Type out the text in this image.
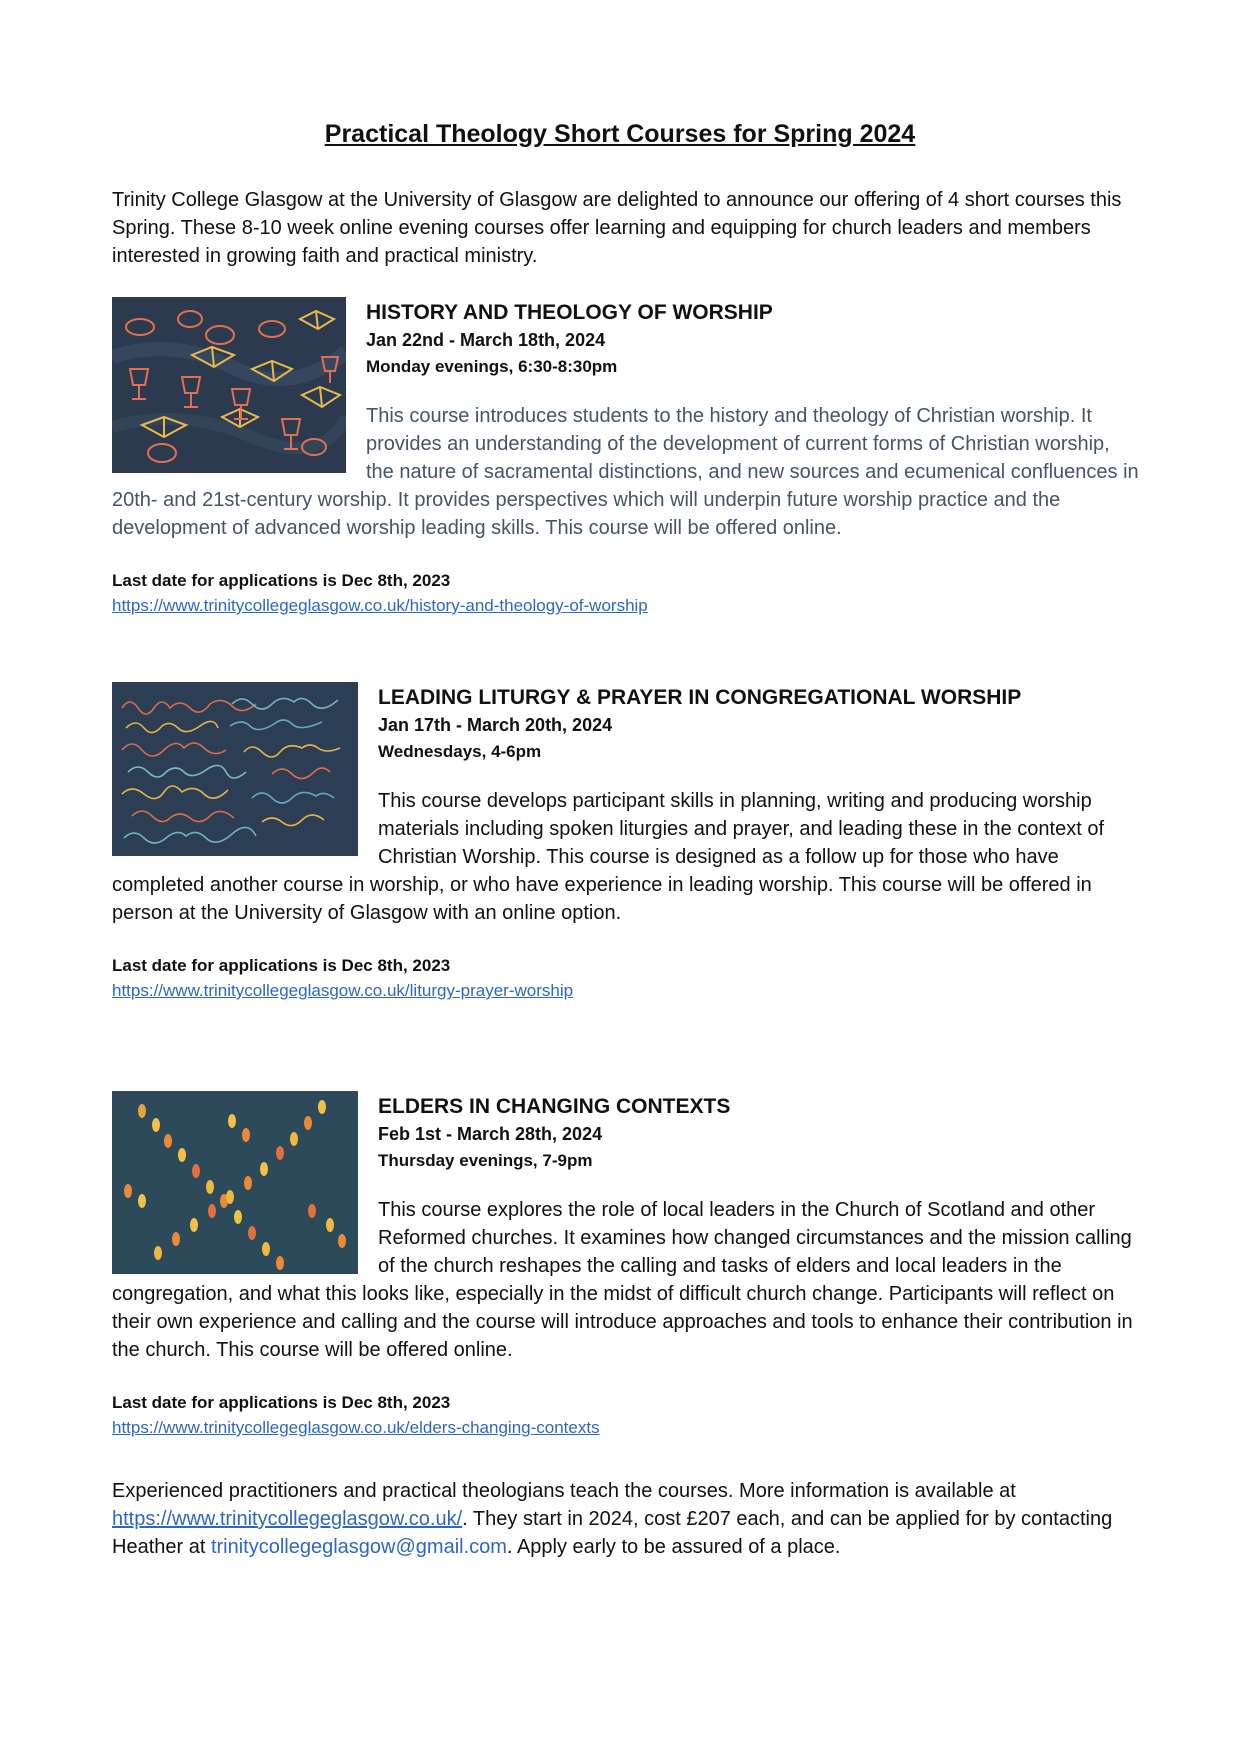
Practical Theology Short Courses for Spring 2024

Trinity College Glasgow at the University of Glasgow are delighted to announce our offering of 4 short courses this Spring. These 8-10 week online evening courses offer learning and equipping for church leaders and members interested in growing faith and practical ministry.

HISTORY AND THEOLOGY OF WORSHIP
Jan 22nd - March 18th, 2024
Monday evenings, 6:30-8:30pm

This course introduces students to the history and theology of Christian worship. It provides an understanding of the development of current forms of Christian worship, the nature of sacramental distinctions, and new sources and ecumenical confluences in 20th- and 21st-century worship. It provides perspectives which will underpin future worship practice and the development of advanced worship leading skills. This course will be offered online.

Last date for applications is Dec 8th, 2023

https://www.trinitycollegeglasgow.co.uk/history-and-theology-of-worship
LEADING LITURGY & PRAYER IN CONGREGATIONAL WORSHIP
Jan 17th - March 20th, 2024
Wednesdays, 4-6pm

This course develops participant skills in planning, writing and producing worship materials including spoken liturgies and prayer, and leading these in the context of Christian Worship. This course is designed as a follow up for those who have completed another course in worship, or who have experience in leading worship. This course will be offered in person at the University of Glasgow with an online option.

Last date for applications is Dec 8th, 2023

https://www.trinitycollegeglasgow.co.uk/liturgy-prayer-worship
ELDERS IN CHANGING CONTEXTS
Feb 1st - March 28th, 2024
Thursday evenings, 7-9pm

This course explores the role of local leaders in the Church of Scotland and other Reformed churches. It examines how changed circumstances and the mission calling of the church reshapes the calling and tasks of elders and local leaders in the congregation, and what this looks like, especially in the midst of difficult church change. Participants will reflect on their own experience and calling and the course will introduce approaches and tools to enhance their contribution in the church. This course will be offered online.

Last date for applications is Dec 8th, 2023

https://www.trinitycollegeglasgow.co.uk/elders-changing-contexts

Experienced practitioners and practical theologians teach the courses. More information is available at https://www.trinitycollegeglasgow.co.uk/. They start in 2024, cost £207 each, and can be applied for by contacting Heather at trinitycollegeglasgow@gmail.com. Apply early to be assured of a place.
